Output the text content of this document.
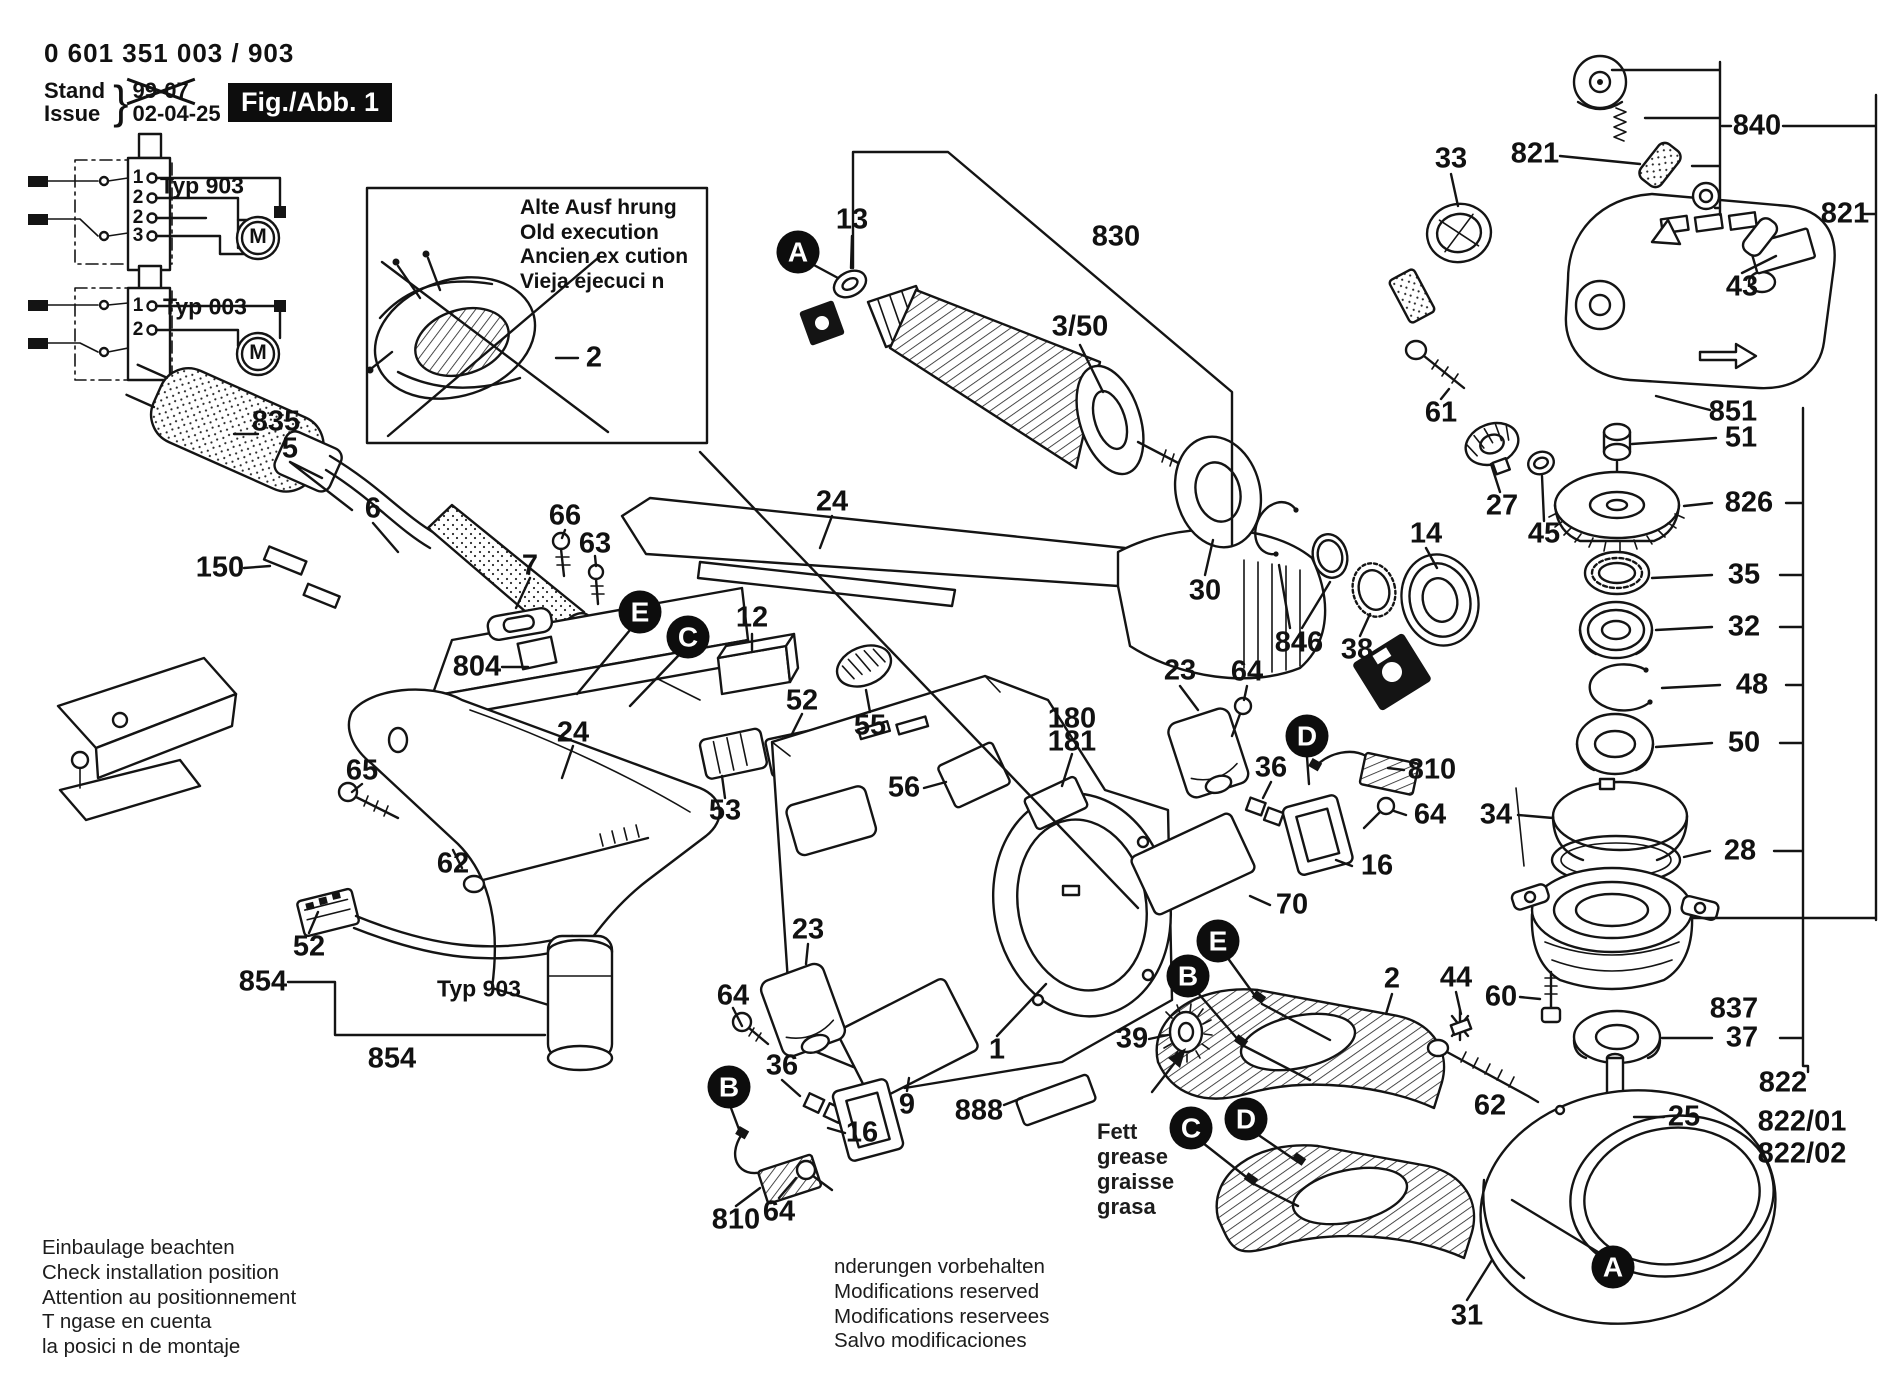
0 601 351 003 / 903
Stand
Issue } 99-07
02-04-25 Fig./Abb. 1
Alte Ausf hrung
Old execution
Ancien ex cution
Vieja ejecuci n
Einbaulage beachten
Check installation position
Attention au positionnement
T ngase en cuenta
la posici n de montaje
nderungen vorbehalten
Modifications reserved
Modifications reservees
Salvo modificaciones
Fett
grease
graisse
grasa
13
830
3/50
2
33 821
840
821
43
851
51
826
35
32
48
50
28
34
61
27
45
14
30
846 38
24
66
63
7
804
12
52
55
53
56
180
181
23 64
36	810
64
16
70
835
5
6
150
65
24
62
52
854
854
810 64
36
16
23
64
9 888
1	39
2 44
60
62	25
837
37
822
822/01
822/02
31
Typ 903
Typ 903
Typ 003
M
M
1
2
2
3
1
2
A
E
C
D
E
B
B
C	D
A
